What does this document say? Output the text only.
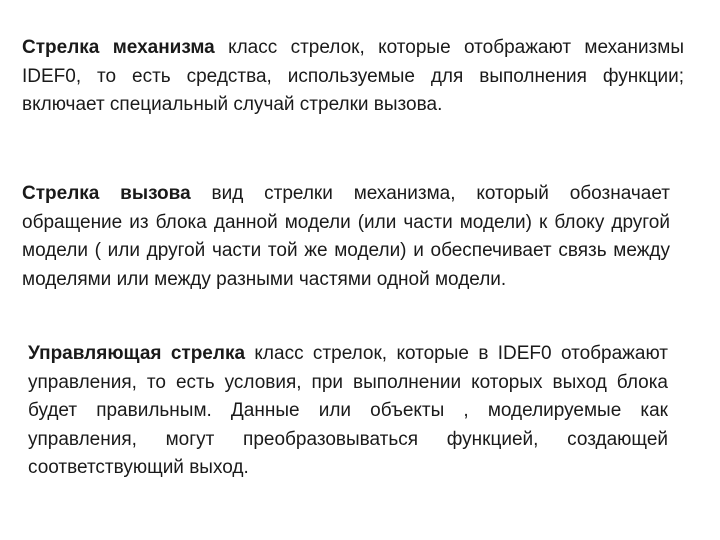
Стрелка механизма класс стрелок, которые отображают механизмы IDEF0, то есть средства, используемые для выполнения функции; включает специальный случай стрелки вызова.

Стрелка вызова вид стрелки механизма, который обозначает обращение из блока данной модели (или части модели) к блоку другой модели ( или другой части той же модели) и обеспечивает связь между моделями или между разными частями одной модели.

Управляющая стрелка класс стрелок, которые в IDEF0 отображают управления, то есть условия, при выполнении которых выход блока будет правильным. Данные или объекты , моделируемые как управления, могут преобразовываться функцией, создающей соответствующий выход.
